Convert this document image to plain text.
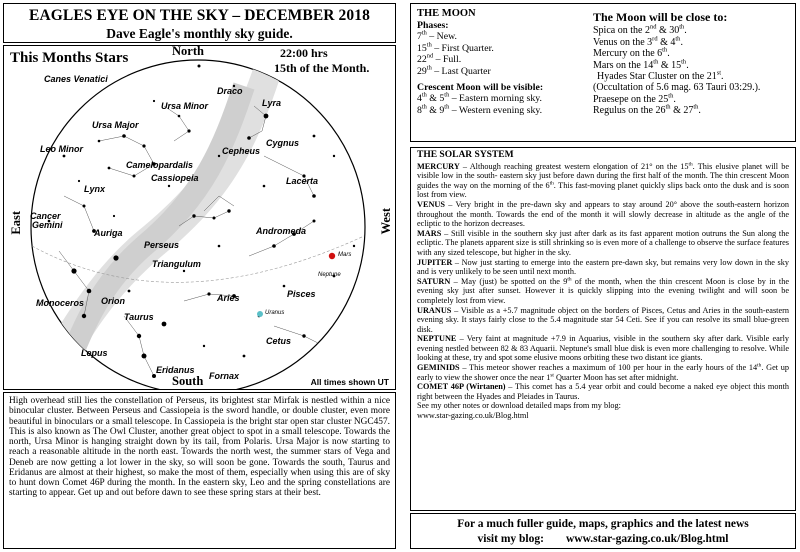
EAGLES EYE ON THE SKY – DECEMBER 2018
Dave Eagle's monthly sky guide.
This Months Stars	22:00 hrs
15th of the Month.
North
South
East	West
All times shown UT
Canes Venatici
Draco
Lyra
Ursa Minor
Ursa Major
Cygnus
Leo Minor	Cepheus
Camelopardalis
Cassiopeia
Lynx
Lacerta
Cancer
Auriga	Andromeda
Gemini
Perseus
Triangulum
Aries	Pisces
Monoceros Orion
Taurus
Cetus
Lepus
Eridanus
Fornax
Mars
Uranus
Neptune
High overhead still lies the constellation of Perseus, its brightest star Mirfak is nestled within a nice binocular cluster. Between Perseus and Cassiopeia is the sword handle, or double cluster, even more beautiful in binoculars or a small telescope. In Cassiopeia is the bright star open star cluster NGC457. This is also known as The Owl Cluster, another great object to spot in a small telescope. Towards the north, Ursa Minor is hanging straight down by its tail, from Polaris. Ursa Major is now starting to reach a reasonable altitude in the north east. Towards the north west, the summer stars of Vega and Deneb are now getting a lot lower in the sky, so will soon be gone. Towards the south, Taurus and Eridanus are almost at their highest, so make the most of them, especially when using this are of sky to hunt down Comet 46P during the month. In the eastern sky, Leo and the spring constellations are starting to appear. Get up and out before dawn to see these spring stars at their best.
THE MOON
Phases:
7th – New.
15th – First Quarter.
22nd – Full.
29th – Last Quarter
Crescent Moon will be visible:
4th & 5th – Eastern morning sky.
8th & 9th – Western evening sky.
The Moon will be close to:
Spica on the 2nd & 30th.
Venus on the 3rd & 4th.
Mercury on the 6th.
Mars on the 14th & 15th.
Hyades Star Cluster on the 21st.
(Occultation of 5.6 mag. 63 Tauri 03:29.).
Praesepe on the 25th.
Regulus on the 26th & 27th.
THE SOLAR SYSTEM

MERCURY – Although reaching greatest western elongation of 21° on the 15th. This elusive planet will be visible low in the south- eastern sky just before dawn during the first half of the month. The thin crescent Moon guides the way on the morning of the 6th. This fast-moving planet quickly slips back onto the dusk and is soon lost from view.

VENUS – Very bright in the pre-dawn sky and appears to stay around 20° above the south-eastern horizon throughout the month. Towards the end of the month it will slowly decrease in altitude as the angle of the ecliptic to the horizon decreases.

MARS – Still visible in the southern sky just after dark as its fast apparent motion outruns the Sun along the ecliptic. The planets apparent size is still shrinking so is even more of a challenge to observe the surface features with any sized telescope, but higher in the sky.

JUPITER – Now just starting to emerge into the eastern pre-dawn sky, but remains very low down in the sky and is very unlikely to be seen until next month.

SATURN – May (just) be spotted on the 9th of the month, when the thin crescent Moon is close by in the evening sky just after sunset. However it is quickly slipping into the evening twilight and will soon be completely lost from view.

URANUS – Visible as a +5.7 magnitude object on the borders of Pisces, Cetus and Aries in the south-eastern evening sky. It stays fairly close to the 5.4 magnitude star 54 Ceti. See if you can resolve its small blue-green disk.

NEPTUNE – Very faint at magnitude +7.9 in Aquarius, visible in the southern sky after dark. Visible early evening nestled between 82 & 83 Aquarii. Neptune's small blue disk is even more challenging to resolve. While looking at these, try and spot some elusive moons orbiting these two distant ice giants.

GEMINIDS – This meteor shower reaches a maximum of 100 per hour in the early hours of the 14th. Get up early to view the shower once the near 1st Quarter Moon has set after midnight.

COMET 46P (Wirtanen) – This comet has a 5.4 year orbit and could become a naked eye object this month right between the Hyades and Pleiades in Taurus.

See my other notes or download detailed maps from my blog:

www.star-gazing.co.uk/Blog.html

For a much fuller guide, maps, graphics and the latest news
visit my blog: www.star-gazing.co.uk/Blog.html
